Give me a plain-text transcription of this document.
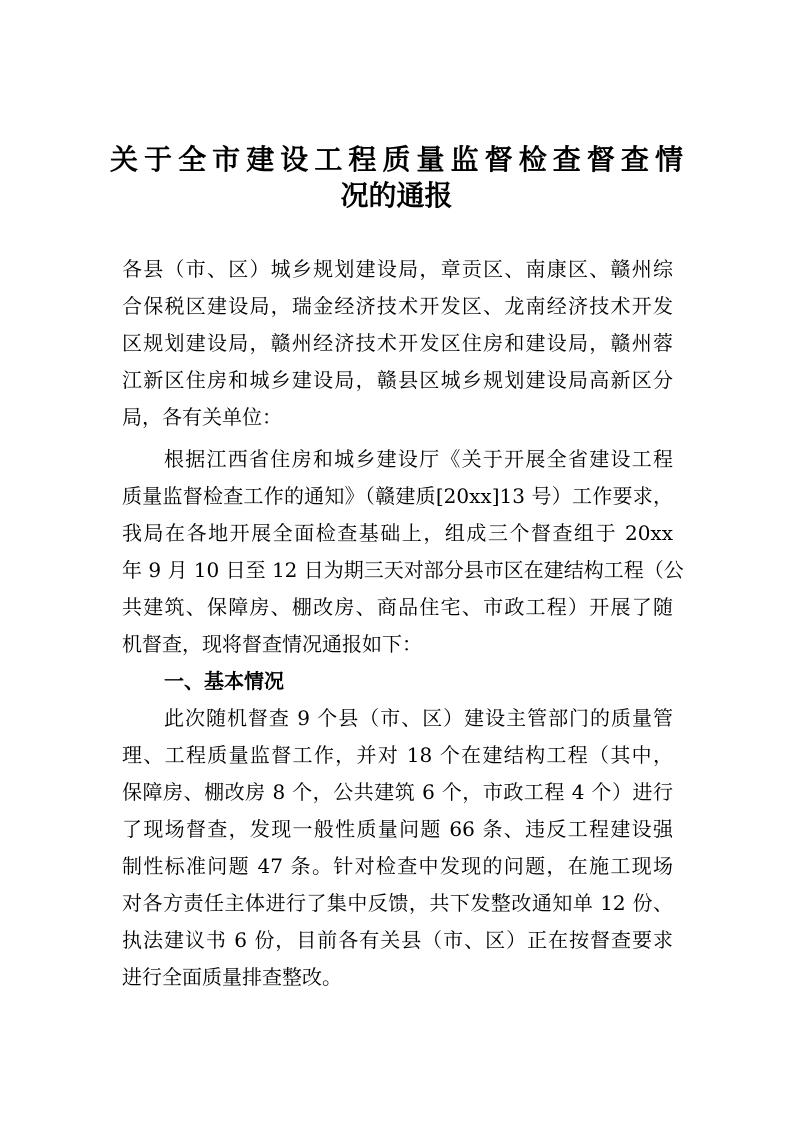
关于全市建设工程质量监督检查督查情
况的通报
各县（市、区）城乡规划建设局，章贡区、南康区、赣州综
合保税区建设局，瑞金经济技术开发区、龙南经济技术开发
区规划建设局，赣州经济技术开发区住房和建设局，赣州蓉
江新区住房和城乡建设局，赣县区城乡规划建设局高新区分
局，各有关单位：
根据江西省住房和城乡建设厅《关于开展全省建设工程
质量监督检查工作的通知》（赣建质[20xx]13 号）工作要求，
我局在各地开展全面检查基础上，组成三个督查组于 20xx
年 9 月 10 日至 12 日为期三天对部分县市区在建结构工程（公
共建筑、保障房、棚改房、商品住宅、市政工程）开展了随
机督查，现将督查情况通报如下：
一、基本情况
此次随机督查 9 个县（市、区）建设主管部门的质量管
理、工程质量监督工作，并对 18 个在建结构工程（其中，
保障房、棚改房 8 个，公共建筑 6 个，市政工程 4 个）进行
了现场督查，发现一般性质量问题 66 条、违反工程建设强
制性标准问题 47 条。针对检查中发现的问题，在施工现场
对各方责任主体进行了集中反馈，共下发整改通知单 12 份、
执法建议书 6 份，目前各有关县（市、区）正在按督查要求
进行全面质量排查整改。
